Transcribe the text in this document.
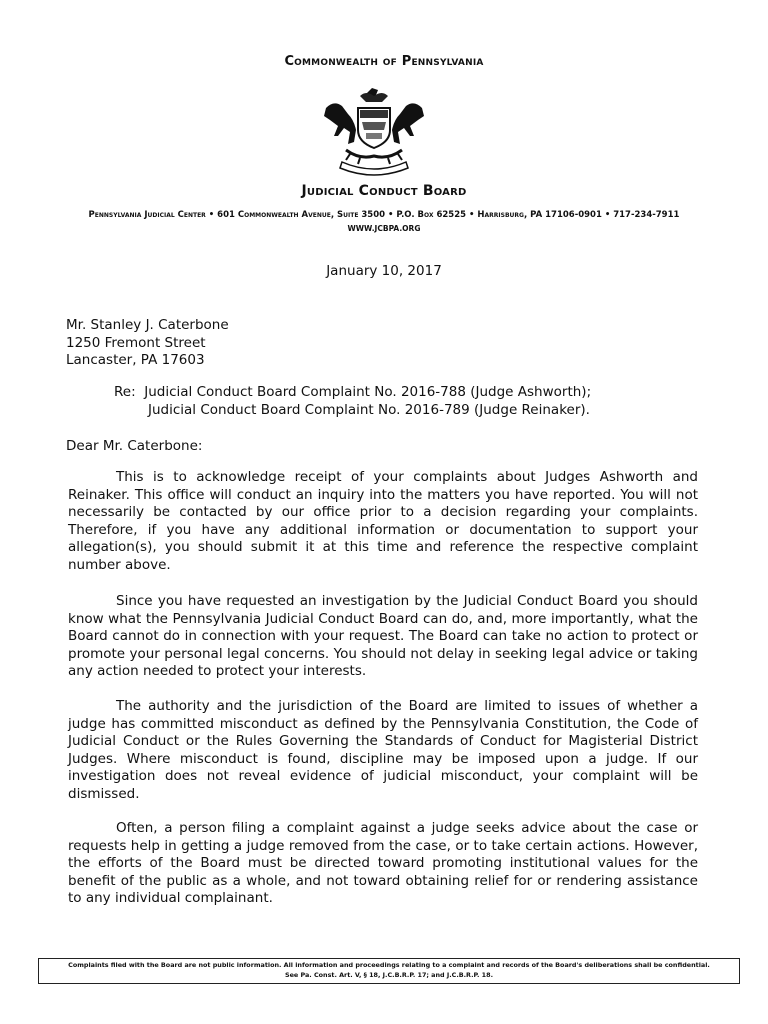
Commonwealth of Pennsylvania
Judicial Conduct Board
Pennsylvania Judicial Center • 601 Commonwealth Avenue, Suite 3500 • P.O. Box 62525 • Harrisburg, PA 17106-0901 • 717-234-7911
WWW.JCBPA.ORG
January 10, 2017
Mr. Stanley J. Caterbone
1250 Fremont Street
Lancaster, PA 17603
Re: Judicial Conduct Board Complaint No. 2016-788 (Judge Ashworth);
Judicial Conduct Board Complaint No. 2016-789 (Judge Reinaker).
Dear Mr. Caterbone:
This is to acknowledge receipt of your complaints about Judges Ashworth and Reinaker. This office will conduct an inquiry into the matters you have reported. You will not necessarily be contacted by our office prior to a decision regarding your complaints. Therefore, if you have any additional information or documentation to support your allegation(s), you should submit it at this time and reference the respective complaint number above.
Since you have requested an investigation by the Judicial Conduct Board you should know what the Pennsylvania Judicial Conduct Board can do, and, more importantly, what the Board cannot do in connection with your request. The Board can take no action to protect or promote your personal legal concerns. You should not delay in seeking legal advice or taking any action needed to protect your interests.
The authority and the jurisdiction of the Board are limited to issues of whether a judge has committed misconduct as defined by the Pennsylvania Constitution, the Code of Judicial Conduct or the Rules Governing the Standards of Conduct for Magisterial District Judges. Where misconduct is found, discipline may be imposed upon a judge. If our investigation does not reveal evidence of judicial misconduct, your complaint will be dismissed.
Often, a person filing a complaint against a judge seeks advice about the case or requests help in getting a judge removed from the case, or to take certain actions. However, the efforts of the Board must be directed toward promoting institutional values for the benefit of the public as a whole, and not toward obtaining relief for or rendering assistance to any individual complainant.
Complaints filed with the Board are not public information. All information and proceedings relating to a complaint and records of the Board's deliberations shall be confidential.
See Pa. Const. Art. V, § 18, J.C.B.R.P. 17; and J.C.B.R.P. 18.
